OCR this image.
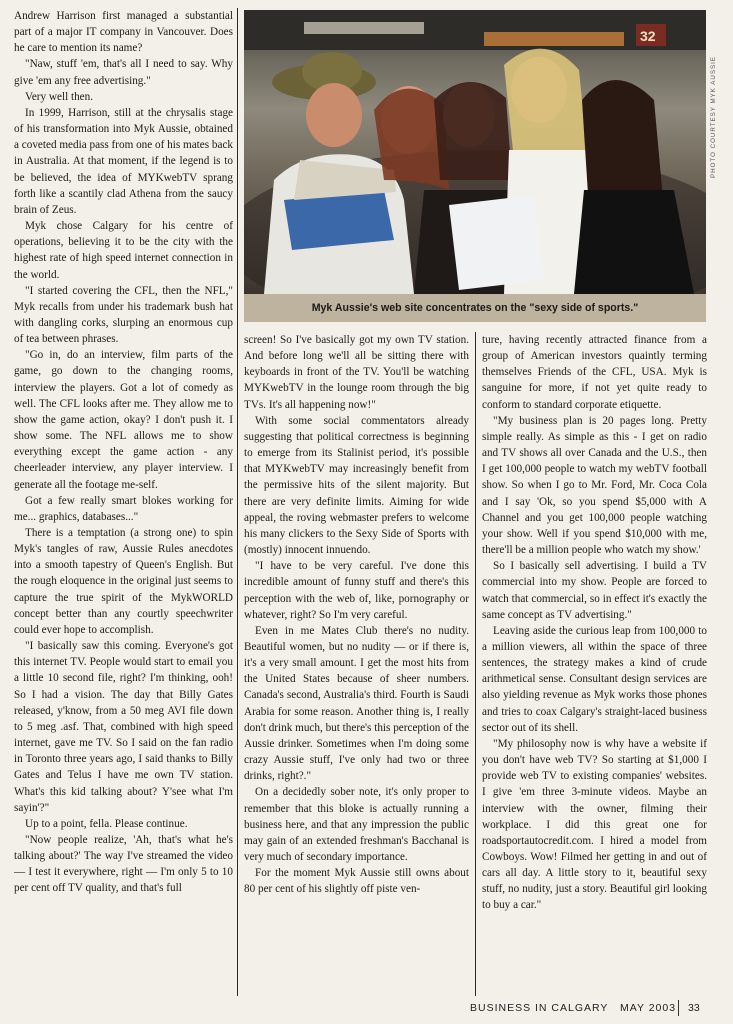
Andrew Harrison first managed a substantial part of a major IT company in Vancouver. Does he care to mention its name?

"Naw, stuff 'em, that's all I need to say. Why give 'em any free advertising."

Very well then.

In 1999, Harrison, still at the chrysalis stage of his transformation into Myk Aussie, obtained a coveted media pass from one of his mates back in Australia. At that moment, if the legend is to be believed, the idea of MYKwebTV sprang forth like a scantily clad Athena from the saucy brain of Zeus.

Myk chose Calgary for his centre of operations, believing it to be the city with the highest rate of high speed internet connection in the world.

"I started covering the CFL, then the NFL," Myk recalls from under his trademark bush hat with dangling corks, slurping an enormous cup of tea between phrases.

"Go in, do an interview, film parts of the game, go down to the changing rooms, interview the players. Got a lot of comedy as well. The CFL looks after me. They allow me to show the game action, okay? I don't push it. I show some. The NFL allows me to show everything except the game action - any cheerleader interview, any player interview. I generate all the footage me-self.

Got a few really smart blokes working for me... graphics, databases..."

There is a temptation (a strong one) to spin Myk's tangles of raw, Aussie Rules anecdotes into a smooth tapestry of Queen's English. But the rough eloquence in the original just seems to capture the true spirit of the MykWORLD concept better than any courtly speechwriter could ever hope to accomplish.

"I basically saw this coming. Everyone's got this internet TV. People would start to email you a little 10 second file, right? I'm thinking, ooh! So I had a vision. The day that Billy Gates released, y'know, from a 50 meg AVI file down to 5 meg .asf. That, combined with high speed internet, gave me TV. So I said on the fan radio in Toronto three years ago, I said thanks to Billy Gates and Telus I have me own TV station. What's this kid talking about? Y'see what I'm sayin'?"

Up to a point, fella. Please continue.

"Now people realize, 'Ah, that's what he's talking about?' The way I've streamed the video — I test it everywhere, right — I'm only 5 to 10 per cent off TV quality, and that's full

32
Myk Aussie's web site concentrates on the "sexy side of sports."
PHOTO COURTESY MYK AUSSIE

screen! So I've basically got my own TV station. And before long we'll all be sitting there with keyboards in front of the TV. You'll be watching MYKwebTV in the lounge room through the big TVs. It's all happening now!"

With some social commentators already suggesting that political correctness is beginning to emerge from its Stalinist period, it's possible that MYKwebTV may increasingly benefit from the permissive hits of the silent majority. But there are very definite limits. Aiming for wide appeal, the roving webmaster prefers to welcome his many clickers to the Sexy Side of Sports with (mostly) innocent innuendo.

"I have to be very careful. I've done this incredible amount of funny stuff and there's this perception with the web of, like, pornography or whatever, right? So I'm very careful.

Even in me Mates Club there's no nudity. Beautiful women, but no nudity — or if there is, it's a very small amount. I get the most hits from the United States because of sheer numbers. Canada's second, Australia's third. Fourth is Saudi Arabia for some reason. Another thing is, I really don't drink much, but there's this perception of the Aussie drinker. Sometimes when I'm doing some crazy Aussie stuff, I've only had two or three drinks, right?."

On a decidedly sober note, it's only proper to remember that this bloke is actually running a business here, and that any impression the public may gain of an extended freshman's Bacchanal is very much of secondary importance.

For the moment Myk Aussie still owns about 80 per cent of his slightly off piste ven-

ture, having recently attracted finance from a group of American investors quaintly terming themselves Friends of the CFL, USA. Myk is sanguine for more, if not yet quite ready to conform to standard corporate etiquette.

"My business plan is 20 pages long. Pretty simple really. As simple as this - I get on radio and TV shows all over Canada and the U.S., then I get 100,000 people to watch my webTV football show. So when I go to Mr. Ford, Mr. Coca Cola and I say 'Ok, so you spend $5,000 with A Channel and you get 100,000 people watching your show. Well if you spend $10,000 with me, there'll be a million people who watch my show.'

So I basically sell advertising. I build a TV commercial into my show. People are forced to watch that commercial, so in effect it's exactly the same concept as TV advertising."

Leaving aside the curious leap from 100,000 to a million viewers, all within the space of three sentences, the strategy makes a kind of crude arithmetical sense. Consultant design services are also yielding revenue as Myk works those phones and tries to coax Calgary's straight-laced business sector out of its shell.

"My philosophy now is why have a website if you don't have web TV? So starting at $1,000 I provide web TV to existing companies' websites. I give 'em three 3-minute videos. Maybe an interview with the owner, filming their workplace. I did this great one for roadsportautocredit.com. I hired a model from Cowboys. Wow! Filmed her getting in and out of cars all day. A little story to it, beautiful sexy stuff, no nudity, just a story. Beautiful girl looking to buy a car."

BUSINESS IN CALGARY MAY 2003 33
